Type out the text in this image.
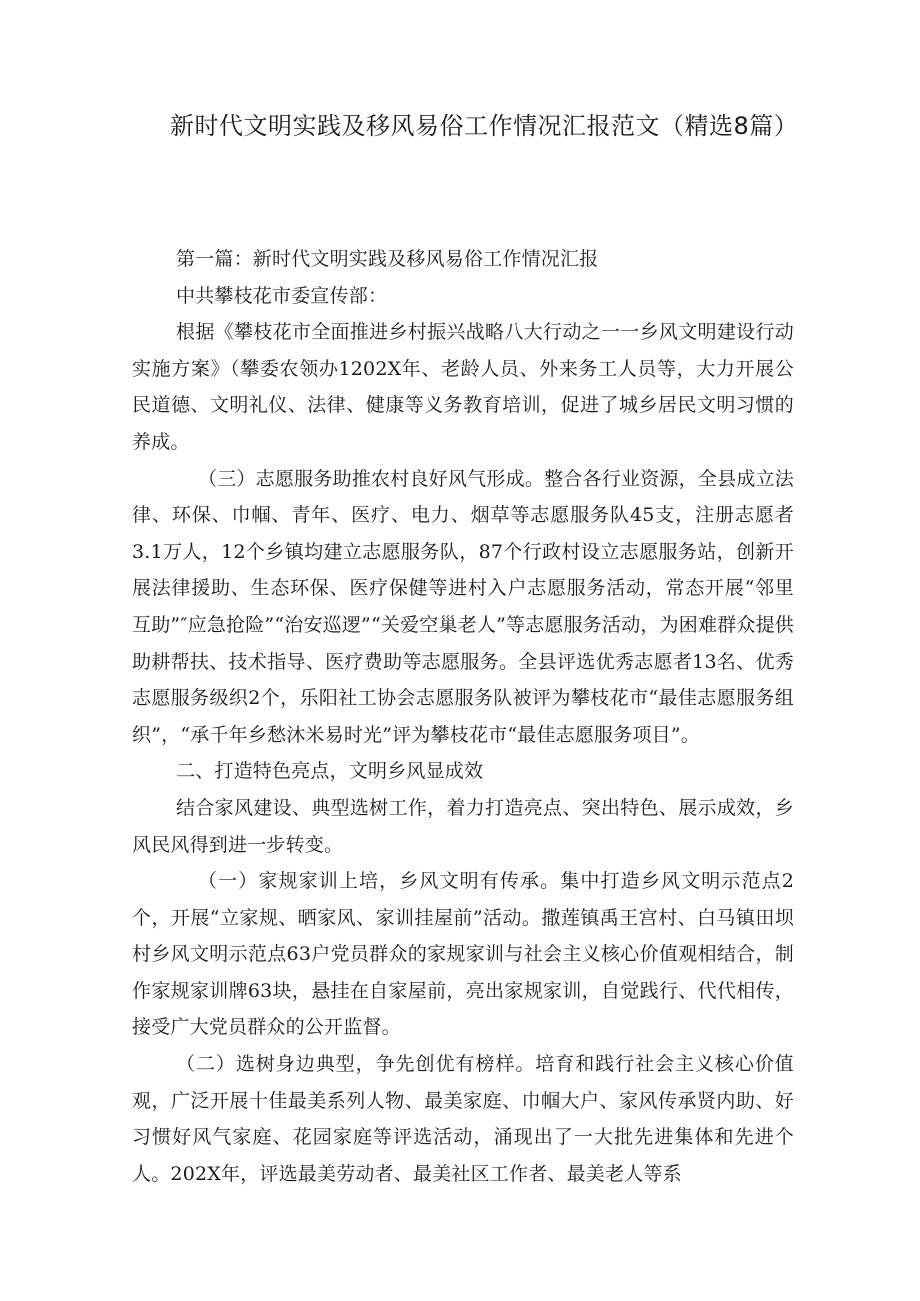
新时代文明实践及移风易俗工作情况汇报范文（精选8篇）

第一篇：新时代文明实践及移风易俗工作情况汇报

中共攀枝花市委宣传部：

根据《攀枝花市全面推进乡村振兴战略八大行动之一一乡风文明建设行动实施方案》（攀委农领办1202X年、老龄人员、外来务工人员等，大力开展公民道德、文明礼仪、法律、健康等义务教育培训，促进了城乡居民文明习惯的养成。

（三）志愿服务助推农村良好风气形成。整合各行业资源，全县成立法律、环保、巾帼、青年、医疗、电力、烟草等志愿服务队45支，注册志愿者3.1万人，12个乡镇均建立志愿服务队，87个行政村设立志愿服务站，创新开展法律援助、生态环保、医疗保健等进村入户志愿服务活动，常态开展“邻里互助”″应急抢险”“治安巡逻”“关爱空巢老人”等志愿服务活动，为困难群众提供助耕帮扶、技术指导、医疗费助等志愿服务。全县评选优秀志愿者13名、优秀志愿服务级织2个，乐阳社工协会志愿服务队被评为攀枝花市“最佳志愿服务组织”，“承千年乡愁沐米易时光”评为攀枝花市“最佳志愿服务项目”。

二、打造特色亮点，文明乡风显成效

结合家风建设、典型选树工作，着力打造亮点、突出特色、展示成效，乡风民风得到进一步转变。

（一）家规家训上培，乡风文明有传承。集中打造乡风文明示范点2个，开展“立家规、晒家风、家训挂屋前”活动。撒莲镇禹王宫村、白马镇田坝村乡风文明示范点63户党员群众的家规家训与社会主义核心价值观相结合，制作家规家训牌63块，悬挂在自家屋前，亮出家规家训，自觉践行、代代相传，接受广大党员群众的公开监督。

（二）选树身边典型，争先创优有榜样。培育和践行社会主义核心价值观，广泛开展十佳最美系列人物、最美家庭、巾帼大户、家风传承贤内助、好习惯好风气家庭、花园家庭等评选活动，涌现出了一大批先进集体和先进个人。202X年，评选最美劳动者、最美社区工作者、最美老人等系
